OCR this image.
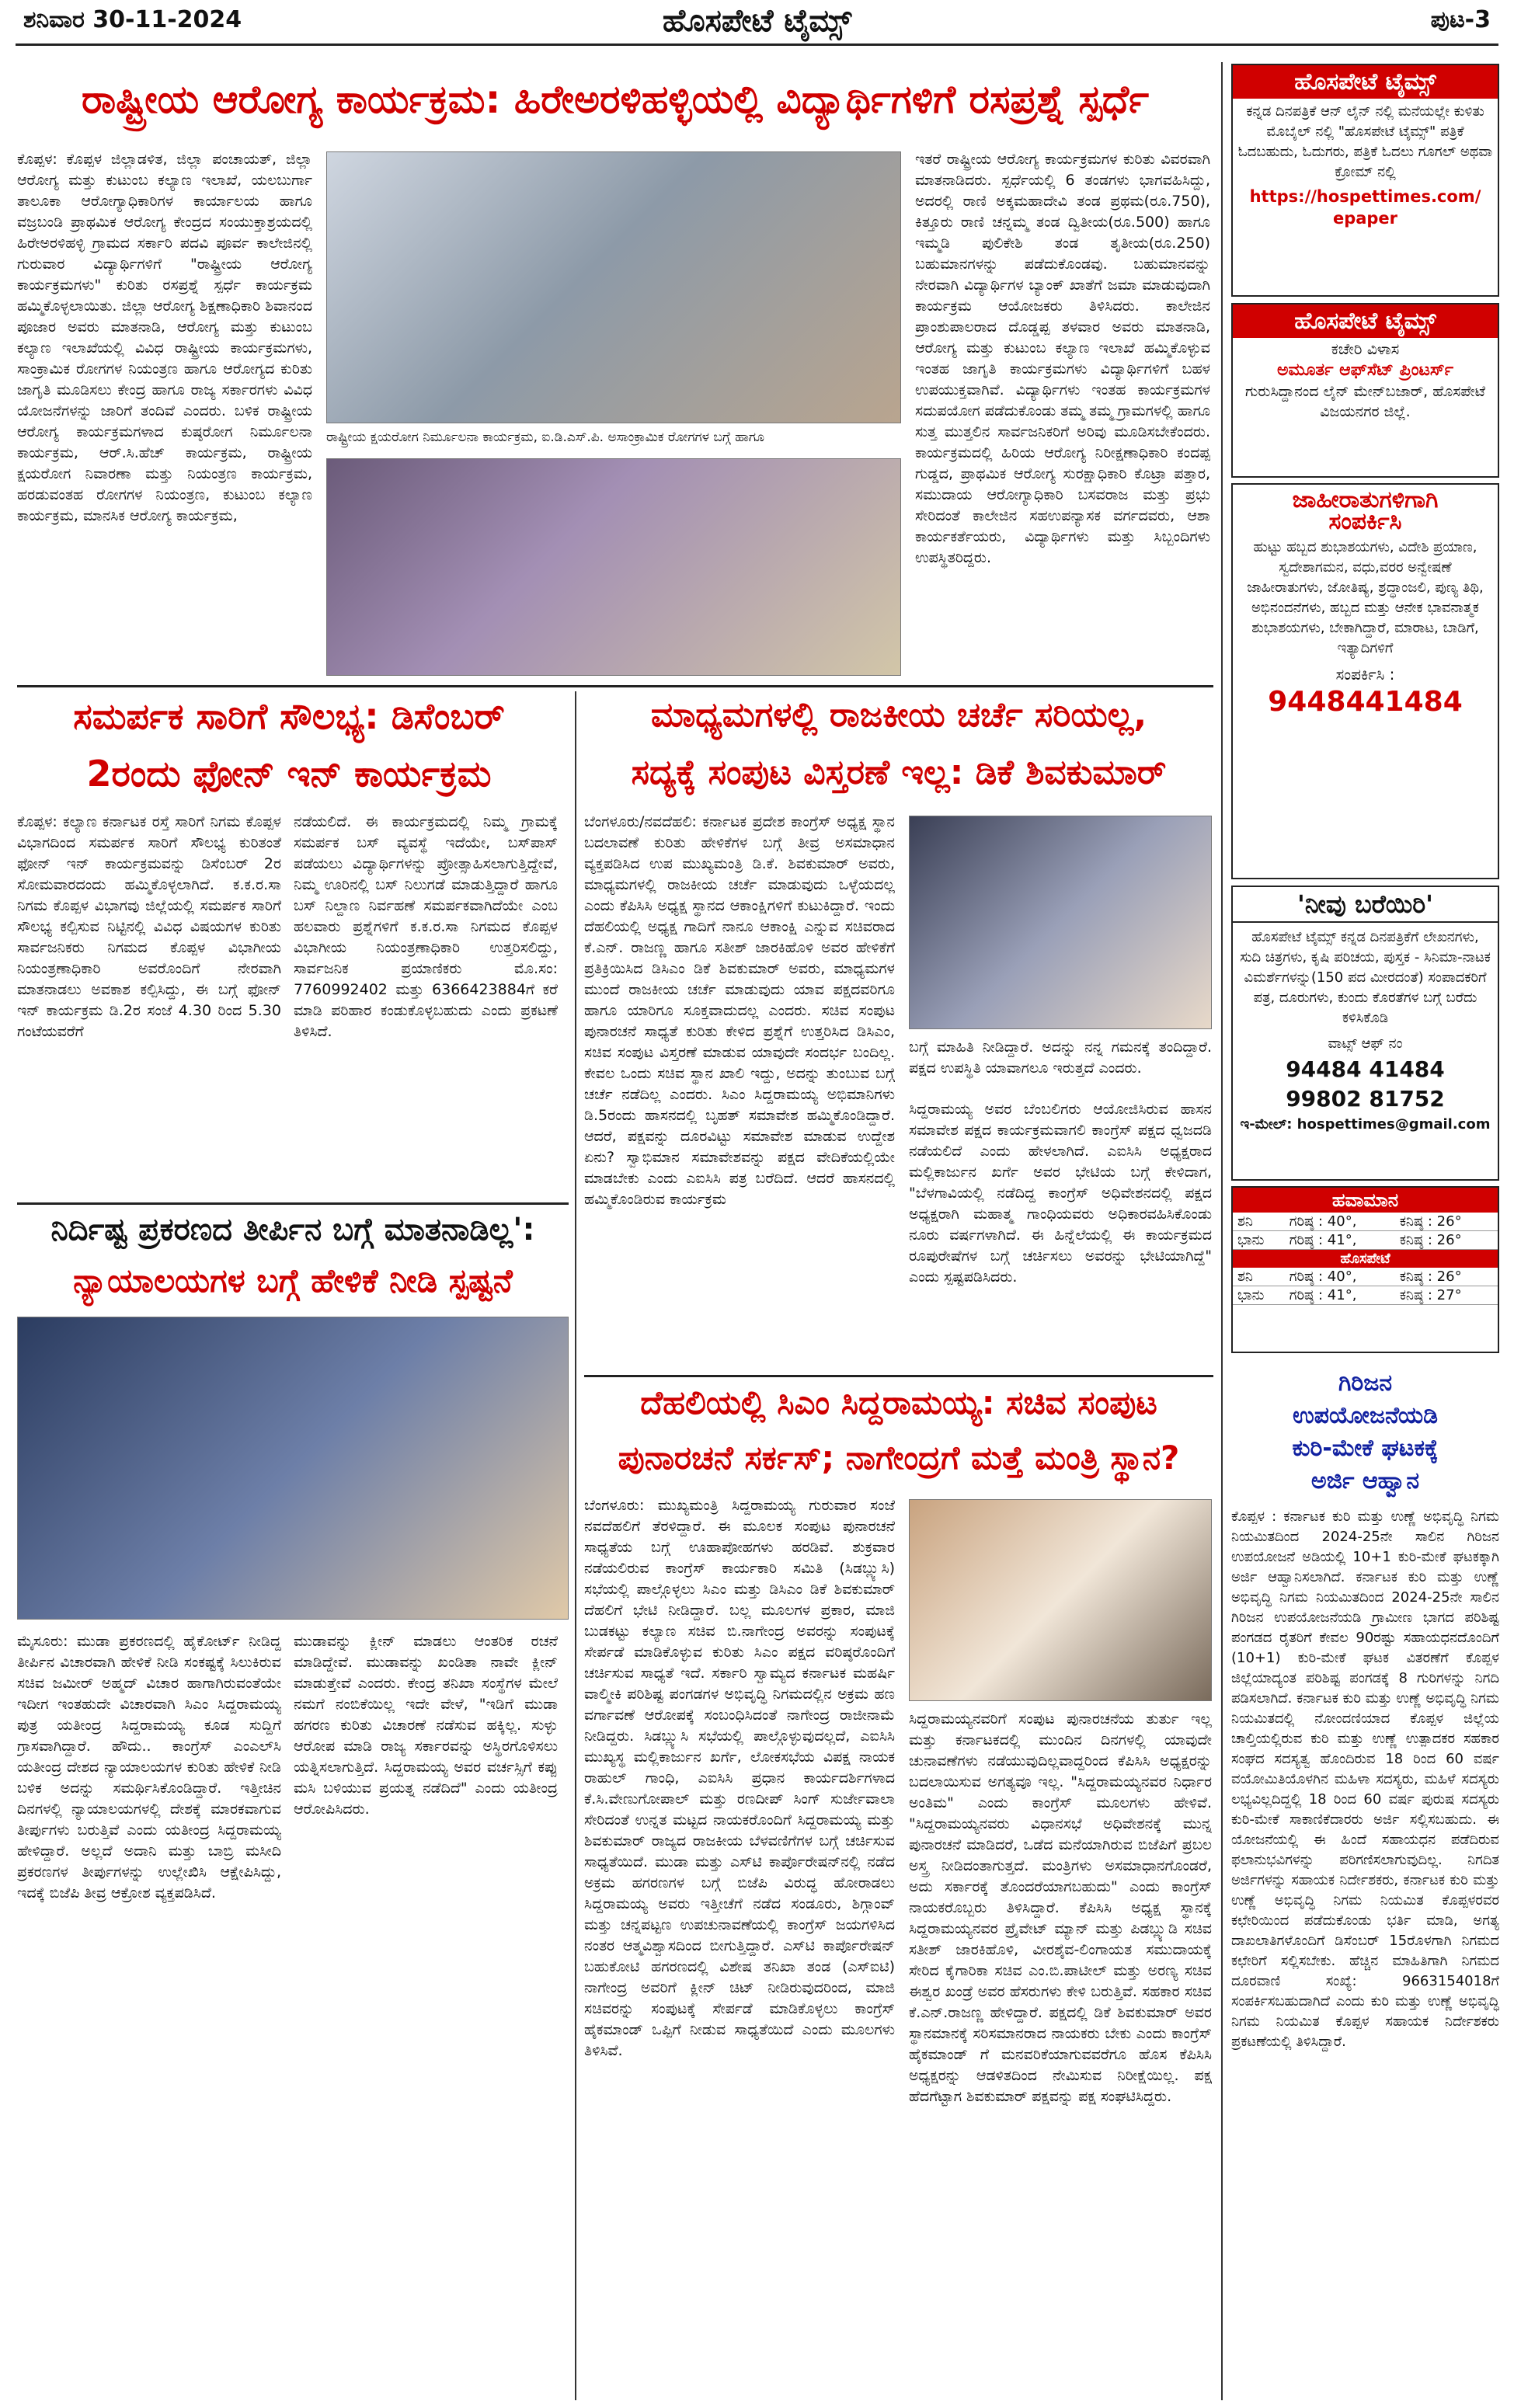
ಹೊಸಪೇಟೆ ಟೈಮ್ಸ್
ಶನಿವಾರ 30-11-2024	ಪುಟ-3
ರಾಷ್ಟ್ರೀಯ ಆರೋಗ್ಯ ಕಾರ್ಯಕ್ರಮ: ಹಿರೇಅರಳಿಹಳ್ಳಿಯಲ್ಲಿ ವಿದ್ಯಾರ್ಥಿಗಳಿಗೆ ರಸಪ್ರಶ್ನೆ ಸ್ಪರ್ಧೆ
ಕೊಪ್ಪಳ: ಕೊಪ್ಪಳ ಜಿಲ್ಲಾಡಳಿತ, ಜಿಲ್ಲಾ ಪಂಚಾಯತ್, ಜಿಲ್ಲಾ ಆರೋಗ್ಯ ಮತ್ತು ಕುಟುಂಬ ಕಲ್ಯಾಣ ಇಲಾಖೆ, ಯಲಬುರ್ಗಾ ತಾಲೂಕಾ ಆರೋಗ್ಯಾಧಿಕಾರಿಗಳ ಕಾರ್ಯಾಲಯ ಹಾಗೂ ವಜ್ರಬಂಡಿ ಪ್ರಾಥಮಿಕ ಆರೋಗ್ಯ ಕೇಂದ್ರದ ಸಂಯುಕ್ತಾಶ್ರಯದಲ್ಲಿ ಹಿರೇಅರಳಿಹಳ್ಳಿ ಗ್ರಾಮದ ಸರ್ಕಾರಿ ಪದವಿ ಪೂರ್ವ ಕಾಲೇಜಿನಲ್ಲಿ ಗುರುವಾರ ವಿದ್ಯಾರ್ಥಿಗಳಿಗೆ "ರಾಷ್ಟ್ರೀಯ ಆರೋಗ್ಯ ಕಾರ್ಯಕ್ರಮಗಳು" ಕುರಿತು ರಸಪ್ರಶ್ನೆ ಸ್ಪರ್ಧೆ ಕಾರ್ಯಕ್ರಮ ಹಮ್ಮಿಕೊಳ್ಳಲಾಯಿತು. ಜಿಲ್ಲಾ ಆರೋಗ್ಯ ಶಿಕ್ಷಣಾಧಿಕಾರಿ ಶಿವಾನಂದ ಪೂಜಾರ ಅವರು ಮಾತನಾಡಿ, ಆರೋಗ್ಯ ಮತ್ತು ಕುಟುಂಬ ಕಲ್ಯಾಣ ಇಲಾಖೆಯಲ್ಲಿ ವಿವಿಧ ರಾಷ್ಟ್ರೀಯ ಕಾರ್ಯಕ್ರಮಗಳು, ಸಾಂಕ್ರಾಮಿಕ ರೋಗಗಳ ನಿಯಂತ್ರಣ ಹಾಗೂ ಆರೋಗ್ಯದ ಕುರಿತು ಜಾಗೃತಿ ಮೂಡಿಸಲು ಕೇಂದ್ರ ಹಾಗೂ ರಾಜ್ಯ ಸರ್ಕಾರಗಳು ವಿವಿಧ ಯೋಜನೆಗಳನ್ನು ಜಾರಿಗೆ ತಂದಿವೆ ಎಂದರು. ಬಳಿಕ ರಾಷ್ಟ್ರೀಯ ಆರೋಗ್ಯ ಕಾರ್ಯಕ್ರಮಗಳಾದ ಕುಷ್ಠರೋಗ ನಿರ್ಮೂಲನಾ ಕಾರ್ಯಕ್ರಮ, ಆರ್.ಸಿ.ಹೆಚ್ ಕಾರ್ಯಕ್ರಮ, ರಾಷ್ಟ್ರೀಯ ಕ್ಷಯರೋಗ ನಿವಾರಣಾ ಮತ್ತು ನಿಯಂತ್ರಣ ಕಾರ್ಯಕ್ರಮ, ಹರಡುವಂತಹ ರೋಗಗಳ ನಿಯಂತ್ರಣ, ಕುಟುಂಬ ಕಲ್ಯಾಣ ಕಾರ್ಯಕ್ರಮ, ಮಾನಸಿಕ ಆರೋಗ್ಯ ಕಾರ್ಯಕ್ರಮ,
ರಾಷ್ಟ್ರೀಯ ಕ್ಷಯರೋಗ ನಿರ್ಮೂಲನಾ ಕಾರ್ಯಕ್ರಮ, ಐ.ಡಿ.ಎಸ್.ಪಿ. ಅಸಾಂಕ್ರಾಮಿಕ ರೋಗಗಳ ಬಗ್ಗೆ ಹಾಗೂ
ಇತರೆ ರಾಷ್ಟ್ರೀಯ ಆರೋಗ್ಯ ಕಾರ್ಯಕ್ರಮಗಳ ಕುರಿತು ವಿವರವಾಗಿ ಮಾತನಾಡಿದರು. ಸ್ಪರ್ಧೆಯಲ್ಲಿ 6 ತಂಡಗಳು ಭಾಗವಹಿಸಿದ್ದು, ಅದರಲ್ಲಿ ರಾಣಿ ಅಕ್ಕಮಹಾದೇವಿ ತಂಡ ಪ್ರಥಮ(ರೂ.750), ಕಿತ್ತೂರು ರಾಣಿ ಚನ್ನಮ್ಮ ತಂಡ ದ್ವಿತೀಯ(ರೂ.500) ಹಾಗೂ ಇಮ್ಮಡಿ ಪುಲಿಕೇಶಿ ತಂಡ ತೃತೀಯ(ರೂ.250) ಬಹುಮಾನಗಳನ್ನು ಪಡೆದುಕೊಂಡವು. ಬಹುಮಾನವನ್ನು ನೇರವಾಗಿ ವಿದ್ಯಾರ್ಥಿಗಳ ಬ್ಯಾಂಕ್ ಖಾತೆಗೆ ಜಮಾ ಮಾಡುವುದಾಗಿ ಕಾರ್ಯಕ್ರಮ ಆಯೋಜಕರು ತಿಳಿಸಿದರು. ಕಾಲೇಜಿನ ಪ್ರಾಂಶುಪಾಲರಾದ ದೊಡ್ಡಪ್ಪ ತಳವಾರ ಅವರು ಮಾತನಾಡಿ, ಆರೋಗ್ಯ ಮತ್ತು ಕುಟುಂಬ ಕಲ್ಯಾಣ ಇಲಾಖೆ ಹಮ್ಮಿಕೊಳ್ಳುವ ಇಂತಹ ಜಾಗೃತಿ ಕಾರ್ಯಕ್ರಮಗಳು ವಿದ್ಯಾರ್ಥಿಗಳಿಗೆ ಬಹಳ ಉಪಯುಕ್ತವಾಗಿವೆ. ವಿದ್ಯಾರ್ಥಿಗಳು ಇಂತಹ ಕಾರ್ಯಕ್ರಮಗಳ ಸದುಪಯೋಗ ಪಡೆದುಕೊಂಡು ತಮ್ಮ ತಮ್ಮ ಗ್ರಾಮಗಳಲ್ಲಿ ಹಾಗೂ ಸುತ್ತ ಮುತ್ತಲಿನ ಸಾರ್ವಜನಿಕರಿಗೆ ಅರಿವು ಮೂಡಿಸಬೇಕೆಂದರು. ಕಾರ್ಯಕ್ರಮದಲ್ಲಿ ಹಿರಿಯ ಆರೋಗ್ಯ ನಿರೀಕ್ಷಣಾಧಿಕಾರಿ ಕಂದಪ್ಪ ಗುಡ್ಡದ, ಪ್ರಾಥಮಿಕ ಆರೋಗ್ಯ ಸುರಕ್ಷಾಧಿಕಾರಿ ಕೊಟ್ರಾ ಪತ್ತಾರ, ಸಮುದಾಯ ಆರೋಗ್ಯಾಧಿಕಾರಿ ಬಸವರಾಜ ಮತ್ತು ಪ್ರಭು ಸೇರಿದಂತೆ ಕಾಲೇಜಿನ ಸಹಉಪನ್ಯಾಸಕ ವರ್ಗದವರು, ಆಶಾ ಕಾರ್ಯಕರ್ತೆಯರು, ವಿದ್ಯಾರ್ಥಿಗಳು ಮತ್ತು ಸಿಬ್ಬಂದಿಗಳು ಉಪಸ್ಥಿತರಿದ್ದರು.
ಸಮರ್ಪಕ ಸಾರಿಗೆ ಸೌಲಭ್ಯ: ಡಿಸೆಂಬರ್
2ರಂದು ಫೋನ್ ಇನ್ ಕಾರ್ಯಕ್ರಮ
ಕೊಪ್ಪಳ: ಕಲ್ಯಾಣ ಕರ್ನಾಟಕ ರಸ್ತೆ ಸಾರಿಗೆ ನಿಗಮ ಕೊಪ್ಪಳ ವಿಭಾಗದಿಂದ ಸಮರ್ಪಕ ಸಾರಿಗೆ ಸೌಲಭ್ಯ ಕುರಿತಂತೆ ಫೋನ್ ಇನ್ ಕಾರ್ಯಕ್ರಮವನ್ನು ಡಿಸೆಂಬರ್ 2ರ ಸೋಮವಾರದಂದು ಹಮ್ಮಿಕೊಳ್ಳಲಾಗಿದೆ. ಕ.ಕ.ರ.ಸಾ ನಿಗಮ ಕೊಪ್ಪಳ ವಿಭಾಗವು ಜಿಲ್ಲೆಯಲ್ಲಿ ಸಮರ್ಪಕ ಸಾರಿಗೆ ಸೌಲಭ್ಯ ಕಲ್ಪಿಸುವ ನಿಟ್ಟಿನಲ್ಲಿ ವಿವಿಧ ವಿಷಯಗಳ ಕುರಿತು ಸಾರ್ವಜನಿಕರು ನಿಗಮದ ಕೊಪ್ಪಳ ವಿಭಾಗೀಯ ನಿಯಂತ್ರಣಾಧಿಕಾರಿ ಅವರೊಂದಿಗೆ ನೇರವಾಗಿ ಮಾತನಾಡಲು ಅವಕಾಶ ಕಲ್ಪಿಸಿದ್ದು, ಈ ಬಗ್ಗೆ ಫೋನ್ ಇನ್ ಕಾರ್ಯಕ್ರಮ ಡಿ.2ರ ಸಂಜೆ 4.30 ರಿಂದ 5.30 ಗಂಟೆಯವರೆಗೆ
ನಡೆಯಲಿದೆ. ಈ ಕಾರ್ಯಕ್ರಮದಲ್ಲಿ ನಿಮ್ಮ ಗ್ರಾಮಕ್ಕೆ ಸಮರ್ಪಕ ಬಸ್ ವ್ಯವಸ್ಥೆ ಇದೆಯೇ, ಬಸ್‌ಪಾಸ್ ಪಡೆಯಲು ವಿದ್ಯಾರ್ಥಿಗಳನ್ನು ಪ್ರೋತ್ಸಾಹಿಸಲಾಗುತ್ತಿದ್ದೇವೆ, ನಿಮ್ಮ ಊರಿನಲ್ಲಿ ಬಸ್ ನಿಲುಗಡೆ ಮಾಡುತ್ತಿದ್ದಾರೆ ಹಾಗೂ ಬಸ್ ನಿಲ್ದಾಣ ನಿರ್ವಹಣೆ ಸಮರ್ಪಕವಾಗಿದೆಯೇ ಎಂಬ ಹಲವಾರು ಪ್ರಶ್ನೆಗಳಿಗೆ ಕ.ಕ.ರ.ಸಾ ನಿಗಮದ ಕೊಪ್ಪಳ ವಿಭಾಗೀಯ ನಿಯಂತ್ರಣಾಧಿಕಾರಿ ಉತ್ತರಿಸಲಿದ್ದು, ಸಾರ್ವಜನಿಕ ಪ್ರಯಾಣಿಕರು ಮೊ.ಸಂ: 7760992402 ಮತ್ತು 6366423884ಗೆ ಕರೆ ಮಾಡಿ ಪರಿಹಾರ ಕಂಡುಕೊಳ್ಳಬಹುದು ಎಂದು ಪ್ರಕಟಣೆ ತಿಳಿಸಿದೆ.
ನಿರ್ದಿಷ್ಟ ಪ್ರಕರಣದ ತೀರ್ಪಿನ ಬಗ್ಗೆ ಮಾತನಾಡಿಲ್ಲ':
ನ್ಯಾಯಾಲಯಗಳ ಬಗ್ಗೆ ಹೇಳಿಕೆ ನೀಡಿ ಸ್ಪಷ್ಟನೆ
ಮೈಸೂರು: ಮುಡಾ ಪ್ರಕರಣದಲ್ಲಿ ಹೈಕೋರ್ಟ್ ನೀಡಿದ್ದ ತೀರ್ಪಿನ ವಿಚಾರವಾಗಿ ಹೇಳಿಕೆ ನೀಡಿ ಸಂಕಷ್ಟಕ್ಕೆ ಸಿಲುಕಿರುವ ಸಚಿವ ಜಮೀರ್ ಅಹ್ಮದ್ ವಿಚಾರ ಹಾಗಾಗಿರುವಂತೆಯೇ ಇದೀಗ ಇಂತಹುದೇ ವಿಚಾರವಾಗಿ ಸಿಎಂ ಸಿದ್ದರಾಮಯ್ಯ ಪುತ್ರ ಯತೀಂದ್ರ ಸಿದ್ದರಾಮಯ್ಯ ಕೂಡ ಸುದ್ದಿಗೆ ಗ್ರಾಸವಾಗಿದ್ದಾರೆ. ಹೌದು.. ಕಾಂಗ್ರೆಸ್ ಎಂಎಲ್‌ಸಿ ಯತೀಂದ್ರ ದೇಶದ ನ್ಯಾಯಾಲಯಗಳ ಕುರಿತು ಹೇಳಿಕೆ ನೀಡಿ ಬಳಿಕ ಅದನ್ನು ಸಮರ್ಥಿಸಿಕೊಂಡಿದ್ದಾರೆ. ಇತ್ತೀಚಿನ ದಿನಗಳಲ್ಲಿ ನ್ಯಾಯಾಲಯಗಳಲ್ಲಿ ದೇಶಕ್ಕೆ ಮಾರಕವಾಗುವ ತೀರ್ಪುಗಳು ಬರುತ್ತಿವೆ ಎಂದು ಯತೀಂದ್ರ ಸಿದ್ದರಾಮಯ್ಯ ಹೇಳಿದ್ದಾರೆ. ಅಲ್ಲದೆ ಅದಾನಿ ಮತ್ತು ಬಾಬ್ರಿ ಮಸೀದಿ ಪ್ರಕರಣಗಳ ತೀರ್ಪುಗಳನ್ನು ಉಲ್ಲೇಖಿಸಿ ಆಕ್ಷೇಪಿಸಿದ್ದು, ಇದಕ್ಕೆ ಬಿಜೆಪಿ ತೀವ್ರ ಆಕ್ರೋಶ ವ್ಯಕ್ತಪಡಿಸಿದೆ.
ಮುಡಾವನ್ನು ಕ್ಲೀನ್ ಮಾಡಲು ಆಂತರಿಕ ರಚನೆ ಮಾಡಿದ್ದೇವೆ. ಮುಡಾವನ್ನು ಖಂಡಿತಾ ನಾವೇ ಕ್ಲೀನ್ ಮಾಡುತ್ತೇವೆ ಎಂದರು. ಕೇಂದ್ರ ತನಿಖಾ ಸಂಸ್ಥೆಗಳ ಮೇಲೆ ನಮಗೆ ನಂಬಿಕೆಯಿಲ್ಲ ಇದೇ ವೇಳೆ, "ಇಡಿಗೆ ಮುಡಾ ಹಗರಣ ಕುರಿತು ವಿಚಾರಣೆ ನಡೆಸುವ ಹಕ್ಕಿಲ್ಲ. ಸುಳ್ಳು ಆರೋಪ ಮಾಡಿ ರಾಜ್ಯ ಸರ್ಕಾರವನ್ನು ಅಸ್ಥಿರಗೊಳಿಸಲು ಯತ್ನಿಸಲಾಗುತ್ತಿದೆ. ಸಿದ್ದರಾಮಯ್ಯ ಅವರ ವರ್ಚಸ್ಸಿಗೆ ಕಪ್ಪು ಮಸಿ ಬಳಿಯುವ ಪ್ರಯತ್ನ ನಡೆದಿದೆ" ಎಂದು ಯತೀಂದ್ರ ಆರೋಪಿಸಿದರು.
ಮಾಧ್ಯಮಗಳಲ್ಲಿ ರಾಜಕೀಯ ಚರ್ಚೆ ಸರಿಯಲ್ಲ,
ಸದ್ಯಕ್ಕೆ ಸಂಪುಟ ವಿಸ್ತರಣೆ ಇಲ್ಲ: ಡಿಕೆ ಶಿವಕುಮಾರ್
ಬೆಂಗಳೂರು/ನವದೆಹಲಿ: ಕರ್ನಾಟಕ ಪ್ರದೇಶ ಕಾಂಗ್ರೆಸ್ ಅಧ್ಯಕ್ಷ ಸ್ಥಾನ ಬದಲಾವಣೆ ಕುರಿತು ಹೇಳಿಕೆಗಳ ಬಗ್ಗೆ ತೀವ್ರ ಅಸಮಾಧಾನ ವ್ಯಕ್ತಪಡಿಸಿದ ಉಪ ಮುಖ್ಯಮಂತ್ರಿ ಡಿ.ಕೆ. ಶಿವಕುಮಾರ್ ಅವರು, ಮಾಧ್ಯಮಗಳಲ್ಲಿ ರಾಜಕೀಯ ಚರ್ಚೆ ಮಾಡುವುದು ಒಳ್ಳೆಯದಲ್ಲ ಎಂದು ಕೆಪಿಸಿಸಿ ಅಧ್ಯಕ್ಷ ಸ್ಥಾನದ ಆಕಾಂಕ್ಷಿಗಳಿಗೆ ಕುಟುಕಿದ್ದಾರೆ. ಇಂದು ದೆಹಲಿಯಲ್ಲಿ ಅಧ್ಯಕ್ಷ ಗಾದಿಗೆ ನಾನೂ ಆಕಾಂಕ್ಷಿ ಎನ್ನುವ ಸಚಿವರಾದ ಕೆ.ಎನ್. ರಾಜಣ್ಣ ಹಾಗೂ ಸತೀಶ್ ಜಾರಕಿಹೊಳಿ ಅವರ ಹೇಳಿಕೆಗೆ ಪ್ರತಿಕ್ರಿಯಿಸಿದ ಡಿಸಿಎಂ ಡಿಕೆ ಶಿವಕುಮಾರ್ ಅವರು, ಮಾಧ್ಯಮಗಳ ಮುಂದೆ ರಾಜಕೀಯ ಚರ್ಚೆ ಮಾಡುವುದು ಯಾವ ಪಕ್ಷದವರಿಗೂ ಹಾಗೂ ಯಾರಿಗೂ ಸೂಕ್ತವಾದುದಲ್ಲ ಎಂದರು. ಸಚಿವ ಸಂಪುಟ ಪುನಾರಚನೆ ಸಾಧ್ಯತೆ ಕುರಿತು ಕೇಳಿದ ಪ್ರಶ್ನೆಗೆ ಉತ್ತರಿಸಿದ ಡಿಸಿಎಂ, ಸಚಿವ ಸಂಪುಟ ವಿಸ್ತರಣೆ ಮಾಡುವ ಯಾವುದೇ ಸಂದರ್ಭ ಬಂದಿಲ್ಲ. ಕೇವಲ ಒಂದು ಸಚಿವ ಸ್ಥಾನ ಖಾಲಿ ಇದ್ದು, ಅದನ್ನು ತುಂಬುವ ಬಗ್ಗೆ ಚರ್ಚೆ ನಡೆದಿಲ್ಲ ಎಂದರು. ಸಿಎಂ ಸಿದ್ದರಾಮಯ್ಯ ಅಭಿಮಾನಿಗಳು ಡಿ.5ರಂದು ಹಾಸನದಲ್ಲಿ ಬೃಹತ್ ಸಮಾವೇಶ ಹಮ್ಮಿಕೊಂಡಿದ್ದಾರೆ. ಆದರೆ, ಪಕ್ಷವನ್ನು ದೂರವಿಟ್ಟು ಸಮಾವೇಶ ಮಾಡುವ ಉದ್ದೇಶ ಏನು? ಸ್ವಾಭಿಮಾನ ಸಮಾವೇಶವನ್ನು ಪಕ್ಷದ ವೇದಿಕೆಯಲ್ಲಿಯೇ ಮಾಡಬೇಕು ಎಂದು ಎಐಸಿಸಿ ಪತ್ರ ಬರೆದಿದೆ. ಆದರೆ ಹಾಸನದಲ್ಲಿ ಹಮ್ಮಿಕೊಂಡಿರುವ ಕಾರ್ಯಕ್ರಮ
ಬಗ್ಗೆ ಮಾಹಿತಿ ನೀಡಿದ್ದಾರೆ. ಅದನ್ನು ನನ್ನ ಗಮನಕ್ಕೆ ತಂದಿದ್ದಾರೆ. ಪಕ್ಷದ ಉಪಸ್ಥಿತಿ ಯಾವಾಗಲೂ ಇರುತ್ತದೆ ಎಂದರು.
ಸಿದ್ದರಾಮಯ್ಯ ಅವರ ಬೆಂಬಲಿಗರು ಆಯೋಜಿಸಿರುವ ಹಾಸನ ಸಮಾವೇಶ ಪಕ್ಷದ ಕಾರ್ಯಕ್ರಮವಾಗಲಿ ಕಾಂಗ್ರೆಸ್ ಪಕ್ಷದ ಧ್ವಜದಡಿ ನಡೆಯಲಿದೆ ಎಂದು ಹೇಳಲಾಗಿದೆ. ಎಐಸಿಸಿ ಅಧ್ಯಕ್ಷರಾದ ಮಲ್ಲಿಕಾರ್ಜುನ ಖರ್ಗೆ ಅವರ ಭೇಟಿಯ ಬಗ್ಗೆ ಕೇಳಿದಾಗ, "ಬೆಳಗಾವಿಯಲ್ಲಿ ನಡೆದಿದ್ದ ಕಾಂಗ್ರೆಸ್ ಅಧಿವೇಶನದಲ್ಲಿ ಪಕ್ಷದ ಅಧ್ಯಕ್ಷರಾಗಿ ಮಹಾತ್ಮ ಗಾಂಧಿಯವರು ಅಧಿಕಾರವಹಿಸಿಕೊಂಡು ನೂರು ವರ್ಷಗಳಾಗಿದೆ. ಈ ಹಿನ್ನೆಲೆಯಲ್ಲಿ ಈ ಕಾರ್ಯಕ್ರಮದ ರೂಪುರೇಷೆಗಳ ಬಗ್ಗೆ ಚರ್ಚಿಸಲು ಅವರನ್ನು ಭೇಟಿಯಾಗಿದ್ದೆ" ಎಂದು ಸ್ಪಷ್ಟಪಡಿಸಿದರು.
ದೆಹಲಿಯಲ್ಲಿ ಸಿಎಂ ಸಿದ್ದರಾಮಯ್ಯ: ಸಚಿವ ಸಂಪುಟ
ಪುನಾರಚನೆ ಸರ್ಕಸ್; ನಾಗೇಂದ್ರಗೆ ಮತ್ತೆ ಮಂತ್ರಿ ಸ್ಥಾನ?
ಬೆಂಗಳೂರು: ಮುಖ್ಯಮಂತ್ರಿ ಸಿದ್ದರಾಮಯ್ಯ ಗುರುವಾರ ಸಂಜೆ ನವದೆಹಲಿಗೆ ತೆರಳಿದ್ದಾರೆ. ಈ ಮೂಲಕ ಸಂಪುಟ ಪುನಾರಚನೆ ಸಾಧ್ಯತೆಯ ಬಗ್ಗೆ ಊಹಾಪೋಹಗಳು ಹರಡಿವೆ. ಶುಕ್ರವಾರ ನಡೆಯಲಿರುವ ಕಾಂಗ್ರೆಸ್ ಕಾರ್ಯಕಾರಿ ಸಮಿತಿ (ಸಿಡಬ್ಲ್ಯುಸಿ) ಸಭೆಯಲ್ಲಿ ಪಾಲ್ಗೊಳ್ಳಲು ಸಿಎಂ ಮತ್ತು ಡಿಸಿಎಂ ಡಿಕೆ ಶಿವಕುಮಾರ್ ದೆಹಲಿಗೆ ಭೇಟಿ ನೀಡಿದ್ದಾರೆ. ಬಲ್ಲ ಮೂಲಗಳ ಪ್ರಕಾರ, ಮಾಜಿ ಬುಡಕಟ್ಟು ಕಲ್ಯಾಣ ಸಚಿವ ಬಿ.ನಾಗೇಂದ್ರ ಅವರನ್ನು ಸಂಪುಟಕ್ಕೆ ಸೇರ್ಪಡೆ ಮಾಡಿಕೊಳ್ಳುವ ಕುರಿತು ಸಿಎಂ ಪಕ್ಷದ ವರಿಷ್ಠರೊಂದಿಗೆ ಚರ್ಚಿಸುವ ಸಾಧ್ಯತೆ ಇದೆ. ಸರ್ಕಾರಿ ಸ್ವಾಮ್ಯದ ಕರ್ನಾಟಕ ಮಹರ್ಷಿ ವಾಲ್ಮೀಕಿ ಪರಿಶಿಷ್ಟ ಪಂಗಡಗಳ ಅಭಿವೃದ್ಧಿ ನಿಗಮದಲ್ಲಿನ ಅಕ್ರಮ ಹಣ ವರ್ಗಾವಣೆ ಆರೋಪಕ್ಕೆ ಸಂಬಂಧಿಸಿದಂತೆ ನಾಗೇಂದ್ರ ರಾಜೀನಾಮೆ ನೀಡಿದ್ದರು. ಸಿಡಬ್ಲ್ಯುಸಿ ಸಭೆಯಲ್ಲಿ ಪಾಲ್ಗೊಳ್ಳುವುದಲ್ಲದೆ, ಎಐಸಿಸಿ ಮುಖ್ಯಸ್ಥ ಮಲ್ಲಿಕಾರ್ಜುನ ಖರ್ಗೆ, ಲೋಕಸಭೆಯ ವಿಪಕ್ಷ ನಾಯಕ ರಾಹುಲ್ ಗಾಂಧಿ, ಎಐಸಿಸಿ ಪ್ರಧಾನ ಕಾರ್ಯದರ್ಶಿಗಳಾದ ಕೆ.ಸಿ.ವೇಣುಗೋಪಾಲ್ ಮತ್ತು ರಣದೀಪ್ ಸಿಂಗ್ ಸುರ್ಜೇವಾಲಾ ಸೇರಿದಂತೆ ಉನ್ನತ ಮಟ್ಟದ ನಾಯಕರೊಂದಿಗೆ ಸಿದ್ದರಾಮಯ್ಯ ಮತ್ತು ಶಿವಕುಮಾರ್ ರಾಜ್ಯದ ರಾಜಕೀಯ ಬೆಳವಣಿಗೆಗಳ ಬಗ್ಗೆ ಚರ್ಚಿಸುವ ಸಾಧ್ಯತೆಯಿದೆ. ಮುಡಾ ಮತ್ತು ಎಸ್‌ಟಿ ಕಾರ್ಪೊರೇಷನ್‌ನಲ್ಲಿ ನಡೆದ ಅಕ್ರಮ ಹಗರಣಗಳ ಬಗ್ಗೆ ಬಿಜೆಪಿ ವಿರುದ್ಧ ಹೋರಾಡಲು ಸಿದ್ದರಾಮಯ್ಯ ಅವರು ಇತ್ತೀಚೆಗೆ ನಡೆದ ಸಂಡೂರು, ಶಿಗ್ಗಾಂವ್ ಮತ್ತು ಚನ್ನಪಟ್ಟಣ ಉಪಚುನಾವಣೆಯಲ್ಲಿ ಕಾಂಗ್ರೆಸ್ ಜಯಗಳಿಸಿದ ನಂತರ ಆತ್ಮವಿಶ್ವಾಸದಿಂದ ಬೀಗುತ್ತಿದ್ದಾರೆ. ಎಸ್‌ಟಿ ಕಾರ್ಪೊರೇಷನ್ ಬಹುಕೋಟಿ ಹಗರಣದಲ್ಲಿ ವಿಶೇಷ ತನಿಖಾ ತಂಡ (ಎಸ್‌ಐಟಿ) ನಾಗೇಂದ್ರ ಅವರಿಗೆ ಕ್ಲೀನ್ ಚಿಟ್ ನೀಡಿರುವುದರಿಂದ, ಮಾಜಿ ಸಚಿವರನ್ನು ಸಂಪುಟಕ್ಕೆ ಸೇರ್ಪಡೆ ಮಾಡಿಕೊಳ್ಳಲು ಕಾಂಗ್ರೆಸ್ ಹೈಕಮಾಂಡ್ ಒಪ್ಪಿಗೆ ನೀಡುವ ಸಾಧ್ಯತೆಯಿದೆ ಎಂದು ಮೂಲಗಳು ತಿಳಿಸಿವೆ.
ಸಿದ್ದರಾಮಯ್ಯನವರಿಗೆ ಸಂಪುಟ ಪುನಾರಚನೆಯ ತುರ್ತು ಇಲ್ಲ ಮತ್ತು ಕರ್ನಾಟಕದಲ್ಲಿ ಮುಂದಿನ ದಿನಗಳಲ್ಲಿ ಯಾವುದೇ ಚುನಾವಣೆಗಳು ನಡೆಯುವುದಿಲ್ಲವಾದ್ದರಿಂದ ಕೆಪಿಸಿಸಿ ಅಧ್ಯಕ್ಷರನ್ನು ಬದಲಾಯಿಸುವ ಅಗತ್ಯವೂ ಇಲ್ಲ. "ಸಿದ್ದರಾಮಯ್ಯನವರ ನಿರ್ಧಾರ ಅಂತಿಮ" ಎಂದು ಕಾಂಗ್ರೆಸ್ ಮೂಲಗಳು ಹೇಳಿವೆ. "ಸಿದ್ದರಾಮಯ್ಯನವರು ವಿಧಾನಸಭೆ ಅಧಿವೇಶನಕ್ಕೆ ಮುನ್ನ ಪುನಾರಚನೆ ಮಾಡಿದರೆ, ಒಡೆದ ಮನೆಯಾಗಿರುವ ಬಿಜೆಪಿಗೆ ಪ್ರಬಲ ಅಸ್ತ್ರ ನೀಡಿದಂತಾಗುತ್ತದೆ. ಮಂತ್ರಿಗಳು ಅಸಮಾಧಾನಗೊಂಡರೆ, ಅದು ಸರ್ಕಾರಕ್ಕೆ ತೊಂದರೆಯಾಗಬಹುದು" ಎಂದು ಕಾಂಗ್ರೆಸ್ ನಾಯಕರೊಬ್ಬರು ತಿಳಿಸಿದ್ದಾರೆ. ಕೆಪಿಸಿಸಿ ಅಧ್ಯಕ್ಷ ಸ್ಥಾನಕ್ಕೆ ಸಿದ್ದರಾಮಯ್ಯನವರ ಪ್ರೈವೇಟ್ ಮ್ಯಾನ್ ಮತ್ತು ಪಿಡಬ್ಲ್ಯುಡಿ ಸಚಿವ ಸತೀಶ್ ಜಾರಕಿಹೊಳಿ, ವೀರಶೈವ-ಲಿಂಗಾಯತ ಸಮುದಾಯಕ್ಕೆ ಸೇರಿದ ಕೈಗಾರಿಕಾ ಸಚಿವ ಎಂ.ಬಿ.ಪಾಟೀಲ್ ಮತ್ತು ಅರಣ್ಯ ಸಚಿವ ಈಶ್ವರ ಖಂಡ್ರೆ ಅವರ ಹೆಸರುಗಳು ಕೇಳಿ ಬರುತ್ತಿವೆ. ಸಹಕಾರ ಸಚಿವ ಕೆ.ಎನ್.ರಾಜಣ್ಣ ಹೇಳಿದ್ದಾರೆ. ಪಕ್ಷದಲ್ಲಿ ಡಿಕೆ ಶಿವಕುಮಾರ್ ಅವರ ಸ್ಥಾನಮಾನಕ್ಕೆ ಸರಿಸಮಾನರಾದ ನಾಯಕರು ಬೇಕು ಎಂದು ಕಾಂಗ್ರೆಸ್ ಹೈಕಮಾಂಡ್ ಗೆ ಮನವರಿಕೆಯಾಗುವವರೆಗೂ ಹೊಸ ಕೆಪಿಸಿಸಿ ಅಧ್ಯಕ್ಷರನ್ನು ಆಡಳಿತದಿಂದ ನೇಮಿಸುವ ನಿರೀಕ್ಷೆಯಿಲ್ಲ. ಪಕ್ಷ ಹೆದಗೆಟ್ಟಾಗ ಶಿವಕುಮಾರ್ ಪಕ್ಷವನ್ನು ಪಕ್ಷ ಸಂಘಟಿಸಿದ್ದರು.
ಹೊಸಪೇಟೆ ಟೈಮ್ಸ್
ಕನ್ನಡ ದಿನಪತ್ರಿಕೆ ಆನ್ ಲೈನ್ ನಲ್ಲಿ ಮನೆಯಲ್ಲೇ ಕುಳಿತು ಮೊಬೈಲ್ ನಲ್ಲಿ "ಹೊಸಪೇಟೆ ಟೈಮ್ಸ್" ಪತ್ರಿಕೆ ಓದಬಹುದು, ಓದುಗರು, ಪತ್ರಿಕೆ ಓದಲು ಗೂಗಲ್ ಅಥವಾ ಕ್ರೋಮ್ ನಲ್ಲಿ
https://hospettimes.com/ epaper
ಹೊಸಪೇಟೆ ಟೈಮ್ಸ್
ಕಚೇರಿ ವಿಳಾಸ
ಅಮೂರ್ತ ಆಫ್‌ಸೆಟ್ ಪ್ರಿಂಟರ್ಸ್
ಗುರುಸಿದ್ದಾನಂದ ಲೈನ್ ಮೇನ್‌ಬಜಾರ್, ಹೊಸಪೇಟೆ ವಿಜಯನಗರ ಜಿಲ್ಲೆ.
ಜಾಹೀರಾತುಗಳಿಗಾಗಿ
ಸಂಪರ್ಕಿಸಿ
ಹುಟ್ಟು ಹಬ್ಬದ ಶುಭಾಶಯಗಳು, ವಿದೇಶಿ ಪ್ರಯಾಣ, ಸ್ವದೇಶಾಗಮನ, ವಧು,ವರರ ಅನ್ವೇಷಣೆ ಜಾಹೀರಾತುಗಳು, ಜೋತಿಷ್ಯ, ಶ್ರದ್ಧಾಂಜಲಿ, ಪುಣ್ಯ ತಿಥಿ, ಅಭಿನಂದನೆಗಳು, ಹಬ್ಬದ ಮತ್ತು ಆನೇಕ ಭಾವನಾತ್ಮಕ ಶುಭಾಶಯಗಳು, ಬೇಕಾಗಿದ್ದಾರೆ, ಮಾರಾಟ, ಬಾಡಿಗೆ, ಇತ್ಯಾದಿಗಳಿಗೆ
ಸಂಪರ್ಕಿಸಿ :
9448441484
'ನೀವು ಬರೆಯಿರಿ'
ಹೊಸಪೇಟೆ ಟೈಮ್ಸ್ ಕನ್ನಡ ದಿನಪತ್ರಿಕೆಗೆ ಲೇಖನಗಳು, ಸುದಿ ಚಿತ್ರಗಳು, ಕೃಷಿ ಪರಿಚಯ, ಪುಸ್ತಕ - ಸಿನಿಮಾ-ನಾಟಕ ವಿಮರ್ಶೆಗಳನ್ನು(150 ಪದ ಮೀರದಂತೆ) ಸಂಪಾದಕರಿಗೆ ಪತ್ರ, ದೂರುಗಳು, ಕುಂದು ಕೊರತೆಗಳ ಬಗ್ಗೆ ಬರೆದು ಕಳಿಸಿಕೊಡಿ
ವಾಟ್ಸ್ ಆಫ್ ನಂ
94484 41484
99802 81752
ಇ-ಮೇಲ್: hospettimes@gmail.com
ಹವಾಮಾನ
ಶನಿ	ಗರಿಷ್ಠ : 40°,	ಕನಿಷ್ಠ : 26°
ಭಾನು	ಗರಿಷ್ಠ : 41°,	ಕನಿಷ್ಠ : 26°
ಹೊಸಪೇಟೆ
ಶನಿ	ಗರಿಷ್ಠ : 40°,	ಕನಿಷ್ಠ : 26°
ಭಾನು	ಗರಿಷ್ಠ : 41°,	ಕನಿಷ್ಠ : 27°
ಗಿರಿಜನ
ಉಪಯೋಜನೆಯಡಿ
ಕುರಿ-ಮೇಕೆ ಘಟಕಕ್ಕೆ
ಅರ್ಜಿ ಆಹ್ವಾನ
ಕೊಪ್ಪಳ : ಕರ್ನಾಟಕ ಕುರಿ ಮತ್ತು ಉಣ್ಣೆ ಅಭಿವೃದ್ಧಿ ನಿಗಮ ನಿಯಮಿತದಿಂದ 2024-25ನೇ ಸಾಲಿನ ಗಿರಿಜನ ಉಪಯೋಜನೆ ಅಡಿಯಲ್ಲಿ 10+1 ಕುರಿ-ಮೇಕೆ ಘಟಕಕ್ಕಾಗಿ ಅರ್ಜಿ ಆಹ್ವಾನಿಸಲಾಗಿದೆ. ಕರ್ನಾಟಕ ಕುರಿ ಮತ್ತು ಉಣ್ಣೆ ಅಭಿವೃದ್ಧಿ ನಿಗಮ ನಿಯಮಿತದಿಂದ 2024-25ನೇ ಸಾಲಿನ ಗಿರಿಜನ ಉಪಯೋಜನೆಯಡಿ ಗ್ರಾಮೀಣ ಭಾಗದ ಪರಿಶಿಷ್ಟ ಪಂಗಡದ ರೈತರಿಗೆ ಕೇವಲ 90ರಷ್ಟು ಸಹಾಯಧನದೊಂದಿಗೆ (10+1) ಕುರಿ-ಮೇಕೆ ಘಟಕ ವಿತರಣೆಗೆ ಕೊಪ್ಪಳ ಜಿಲ್ಲೆಯಾದ್ಯಂತ ಪರಿಶಿಷ್ಟ ಪಂಗಡಕ್ಕೆ 8 ಗುರಿಗಳನ್ನು ನಿಗದಿ ಪಡಿಸಲಾಗಿದೆ. ಕರ್ನಾಟಕ ಕುರಿ ಮತ್ತು ಉಣ್ಣೆ ಅಭಿವೃದ್ಧಿ ನಿಗಮ ನಿಯಮಿತದಲ್ಲಿ ನೋಂದಣಿಯಾದ ಕೊಪ್ಪಳ ಜಿಲ್ಲೆಯ ಚಾಲ್ತಿಯಲ್ಲಿರುವ ಕುರಿ ಮತ್ತು ಉಣ್ಣೆ ಉತ್ಪಾದಕರ ಸಹಕಾರ ಸಂಘದ ಸದಸ್ಯತ್ವ ಹೊಂದಿರುವ 18 ರಿಂದ 60 ವರ್ಷ ವಯೋಮಿತಿಯೊಳಗಿನ ಮಹಿಳಾ ಸದಸ್ಯರು, ಮಹಿಳೆ ಸದಸ್ಯರು ಲಭ್ಯವಿಲ್ಲದಿದ್ದಲ್ಲಿ 18 ರಿಂದ 60 ವರ್ಷ ಪುರುಷ ಸದಸ್ಯರು ಕುರಿ-ಮೇಕೆ ಸಾಕಾಣಿಕೆದಾರರು ಅರ್ಜಿ ಸಲ್ಲಿಸಬಹುದು. ಈ ಯೋಜನೆಯಲ್ಲಿ ಈ ಹಿಂದೆ ಸಹಾಯಧನ ಪಡೆದಿರುವ ಫಲಾನುಭವಿಗಳನ್ನು ಪರಿಗಣಿಸಲಾಗುವುದಿಲ್ಲ. ನಿಗದಿತ ಅರ್ಜಿಗಳನ್ನು ಸಹಾಯಕ ನಿರ್ದೇಶಕರು, ಕರ್ನಾಟಕ ಕುರಿ ಮತ್ತು ಉಣ್ಣೆ ಅಭಿವೃದ್ಧಿ ನಿಗಮ ನಿಯಮಿತ ಕೊಪ್ಪಳರವರ ಕಛೇರಿಯಿಂದ ಪಡೆದುಕೊಂಡು ಭರ್ತಿ ಮಾಡಿ, ಅಗತ್ಯ ದಾಖಲಾತಿಗಳೊಂದಿಗೆ ಡಿಸೆಂಬರ್ 15ರೊಳಗಾಗಿ ನಿಗಮದ ಕಛೇರಿಗೆ ಸಲ್ಲಿಸಬೇಕು. ಹೆಚ್ಚಿನ ಮಾಹಿತಿಗಾಗಿ ನಿಗಮದ ದೂರವಾಣಿ ಸಂಖ್ಯೆ: 9663154018ಗೆ ಸಂಪರ್ಕಿಸಬಹುದಾಗಿದೆ ಎಂದು ಕುರಿ ಮತ್ತು ಉಣ್ಣೆ ಅಭಿವೃದ್ಧಿ ನಿಗಮ ನಿಯಮಿತ ಕೊಪ್ಪಳ ಸಹಾಯಕ ನಿರ್ದೇಶಕರು ಪ್ರಕಟಣೆಯಲ್ಲಿ ತಿಳಿಸಿದ್ದಾರೆ.
